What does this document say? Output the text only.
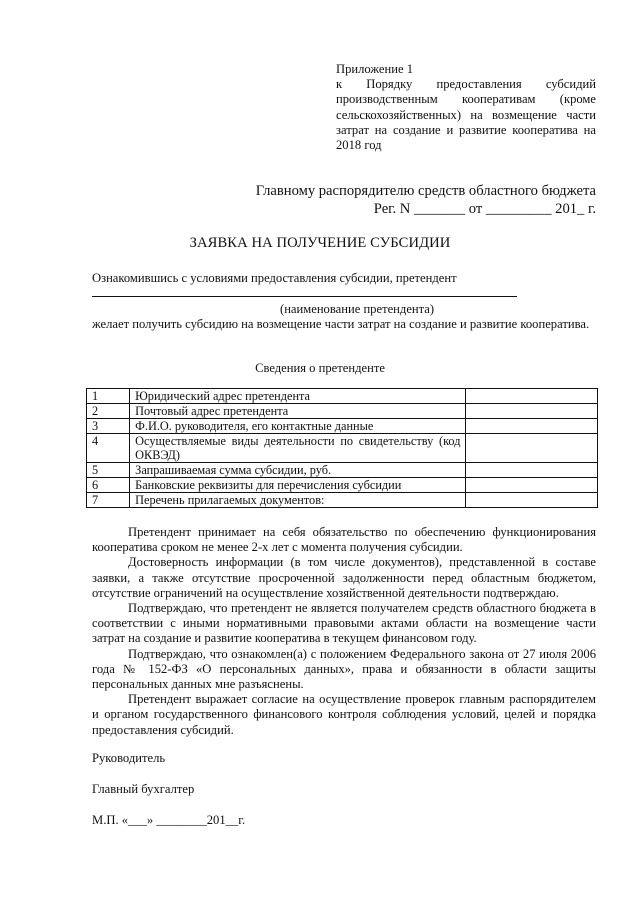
Приложение 1
к Порядку предоставления субсидий
производственным кооперативам (кроме
сельскохозяйственных) на возмещение части
затрат на создание и развитие кооператива на
2018 год
Главному распорядителю средств областного бюджета
Рег. N _______ от _________ 201_ г.
ЗАЯВКА НА ПОЛУЧЕНИЕ СУБСИДИИ
Ознакомившись с условиями предоставления субсидии, претендент
(наименование претендента)
желает получить субсидию на возмещение части затрат на создание и развитие кооператива.
Сведения о претенденте
1	Юридический адрес претендента	
2	Почтовый адрес претендента	
3	Ф.И.О. руководителя, его контактные данные	
4	Осуществляемые виды деятельности по свидетельству (код ОКВЭД)	
5	Запрашиваемая сумма субсидии, руб.	
6	Банковские реквизиты для перечисления субсидии	
7	Перечень прилагаемых документов:	

Претендент принимает на себя обязательство по обеспечению функционирования кооператива сроком не менее 2-х лет с момента получения субсидии.

Достоверность информации (в том числе документов), представленной в составе заявки, а также отсутствие просроченной задолженности перед областным бюджетом, отсутствие ограничений на осуществление хозяйственной деятельности подтверждаю.

Подтверждаю, что претендент не является получателем средств областного бюджета в соответствии с иными нормативными правовыми актами области на возмещение части затрат на создание и развитие кооператива в текущем финансовом году.

Подтверждаю, что ознакомлен(а) с положением Федерального закона от 27 июля 2006 года № 152-ФЗ «О персональных данных», права и обязанности в области защиты персональных данных мне разъяснены.

Претендент выражает согласие на осуществление проверок главным распорядителем и органом государственного финансового контроля соблюдения условий, целей и порядка предоставления субсидий.

Руководитель
Главный бухгалтер
М.П. «___» ________201__г.
